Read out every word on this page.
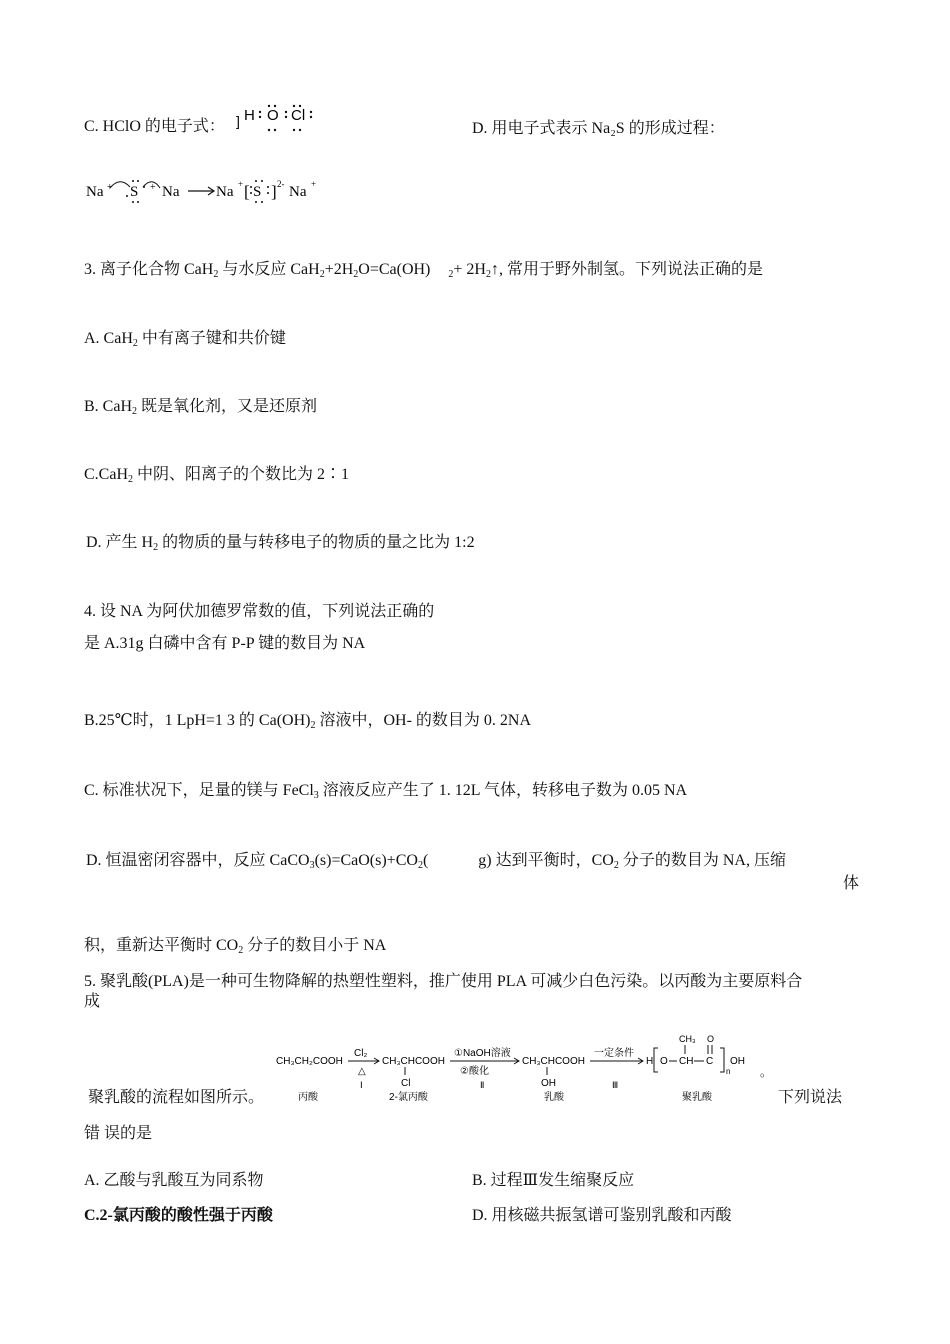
C. HClO 的电子式： ] H O Cl
D. 用电子式表示 Na₂S 的形成过程：
Na + S + Na Na + [ S ] 2- Na +
3. 离子化合物 CaH$_2$ 与水反应 $CaH_2+2H_2O=Ca(OH)$ $_2+ 2H_2↑$, 常用于野外制氢。下列说法正确的是
A. CaH$_2$ 中有离子键和共价键
B. CaH$_2$ 既是氧化剂，又是还原剂
C.CaH$_2$ 中阴、阳离子的个数比为 2∶1
D. 产生 $H_2$ 的物质的量与转移电子的物质的量之比为 1:2
4. 设 NA 为阿伏加德罗常数的值，下列说法正确的
是 A.31g 白磷中含有 P-P 键的数目为 NA
B.25℃时，1 LpH=1 3 的 $Ca(OH)_2$ 溶液中，OH- 的数目为 0. 2NA
C. 标准状况下，足量的镁与 FeCl$_3$ 溶液反应产生了 1. 12L 气体，转移电子数为 0.05 NA
D. 恒温密闭容器中，反应 $CaCO_3(s)=CaO(s)+CO_2$(	g) 达到平衡时，$CO_2$ 分子的数目为 NA, 压缩
体
积，重新达平衡时 $CO_2$ 分子的数目小于 NA
5. 聚乳酸(PLA)是一种可生物降解的热塑性塑料，推广使用 PLA 可减少白色污染。以丙酸为主要原料合
成
CH₃CH₂COOH
丙酸
Cl₂
△
Ⅰ
CH₃CHCOOH
Cl
2-氯丙酸
①NaOH溶液
②酸化
Ⅱ
CH₃CHCOOH
OH
乳酸
一定条件
Ⅲ
H O CH
CH₃
C
O
n
OH
聚乳酸
。
聚乳酸的流程如图所示。	下列说法
错 误的是
A. 乙酸与乳酸互为同系物	B. 过程Ⅲ发生缩聚反应
C.2-氯丙酸的酸性强于丙酸	D. 用核磁共振氢谱可鉴别乳酸和丙酸
